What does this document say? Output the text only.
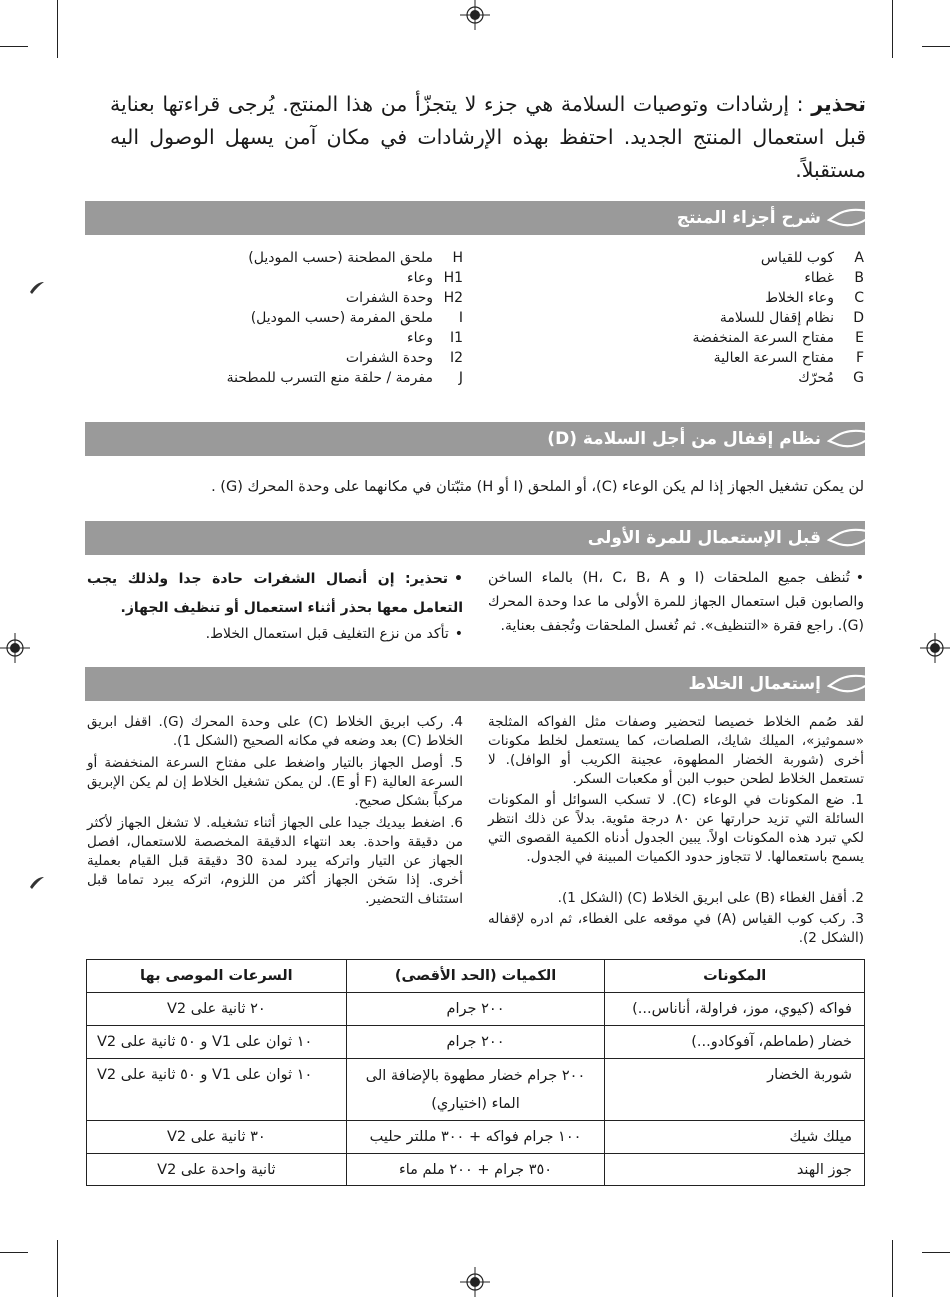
تحذير : إرشادات وتوصيات السلامة هي جزء لا يتجزّأ من هذا المنتج. يُرجى قراءتها بعناية قبل استعمال المنتج الجديد. احتفظ بهذه الإرشادات في مكان آمن يسهل الوصول اليه مستقبلاً.
شرح أجزاء المنتج
Aكوب للقياس
Bغطاء
Cوعاء الخلاط
Dنظام إقفال للسلامة
Eمفتاح السرعة المنخفضة
Fمفتاح السرعة العالية
Gمُحرّك
Hملحق المطحنة (حسب الموديل)
H1وعاء
H2وحدة الشفرات
Iملحق المفرمة (حسب الموديل)
I1وعاء
I2وحدة الشفرات
Jمفرمة / حلقة منع التسرب للمطحنة
نظام إقفال من أجل السلامة (D)
لن يمكن تشغيل الجهاز إذا لم يكن الوعاء (C)، أو الملحق (I أو H) مثبّتان في مكانهما على وحدة المحرك (G) .
قبل الإستعمال للمرة الأولى
• تُنظف جميع الملحقات (I و H، C، B، A) بالماء الساخن والصابون قبل استعمال الجهاز للمرة الأولى ما عدا وحدة المحرك (G). راجع فقرة «التنظيف». ثم تُغسل الملحقات وتُجفف بعناية.
• تحذير: إن أنصال الشفرات حادة جدا ولذلك يجب التعامل معها بحذر أثناء استعمال أو تنظيف الجهاز.
• تأكد من نزع التغليف قبل استعمال الخلاط.
إستعمال الخلاط
لقد صُمم الخلاط خصيصا لتحضير وصفات مثل الفواكه المثلجة «سموثيز»، الميلك شايك، الصلصات، كما يستعمل لخلط مكونات أخرى (شوربة الخضار المطهوة، عجينة الكريب أو الوافل). لا تستعمل الخلاط لطحن حبوب البن أو مكعبات السكر.
1. ضع المكونات في الوعاء (C). لا تسكب السوائل أو المكونات السائلة التي تزيد حرارتها عن ٨٠ درجة مئوية. بدلاً عن ذلك انتظر لكي تبرد هذه المكونات اولاً. يبين الجدول أدناه الكمية القصوى التي يسمح باستعمالها. لا تتجاوز حدود الكميات المبينة في الجدول.
2. أقفل الغطاء (B) على ابريق الخلاط (C) (الشكل 1).
3. ركب كوب القياس (A) في موقعه على الغطاء، ثم ادره لإقفاله (الشكل 2).
4. ركب ابريق الخلاط (C) على وحدة المحرك (G). اقفل ابريق الخلاط (C) بعد وضعه في مكانه الصحيح (الشكل 1).
5. أوصل الجهاز بالتيار واضغط على مفتاح السرعة المنخفضة أو السرعة العالية (F أو E). لن يمكن تشغيل الخلاط إن لم يكن الإبريق مركباً بشكل صحيح.
6. اضغط بيديك جيدا على الجهاز أثناء تشغيله. لا تشغل الجهاز لأكثر من دقيقة واحدة. بعد انتهاء الدقيقة المخصصة للاستعمال، افصل الجهاز عن التيار واتركه يبرد لمدة 30 دقيقة قبل القيام بعملية أخرى. إذا سَخن الجهاز أكثر من اللزوم، اتركه يبرد تماما قبل استئناف التحضير.
المكونات	الكميات (الحد الأقصى)	السرعات الموصى بها
فواكه (كيوي، موز، فراولة، أناناس...)	٢٠٠ جرام	٢٠ ثانية على V2
خضار (طماطم، آفوكادو...)	٢٠٠ جرام	١٠ ثوان على V1 و ٥٠ ثانية على V2
شوربة الخضار	٢٠٠ جرام خضار مطهوة بالإضافة الى الماء (اختياري)	١٠ ثوان على V1 و ٥٠ ثانية على V2
ميلك شيك	١٠٠ جرام فواكه + ٣٠٠ مللتر حليب	٣٠ ثانية على V2
جوز الهند	٣٥٠ جرام + ٢٠٠ ملم ماء	ثانية واحدة على V2
